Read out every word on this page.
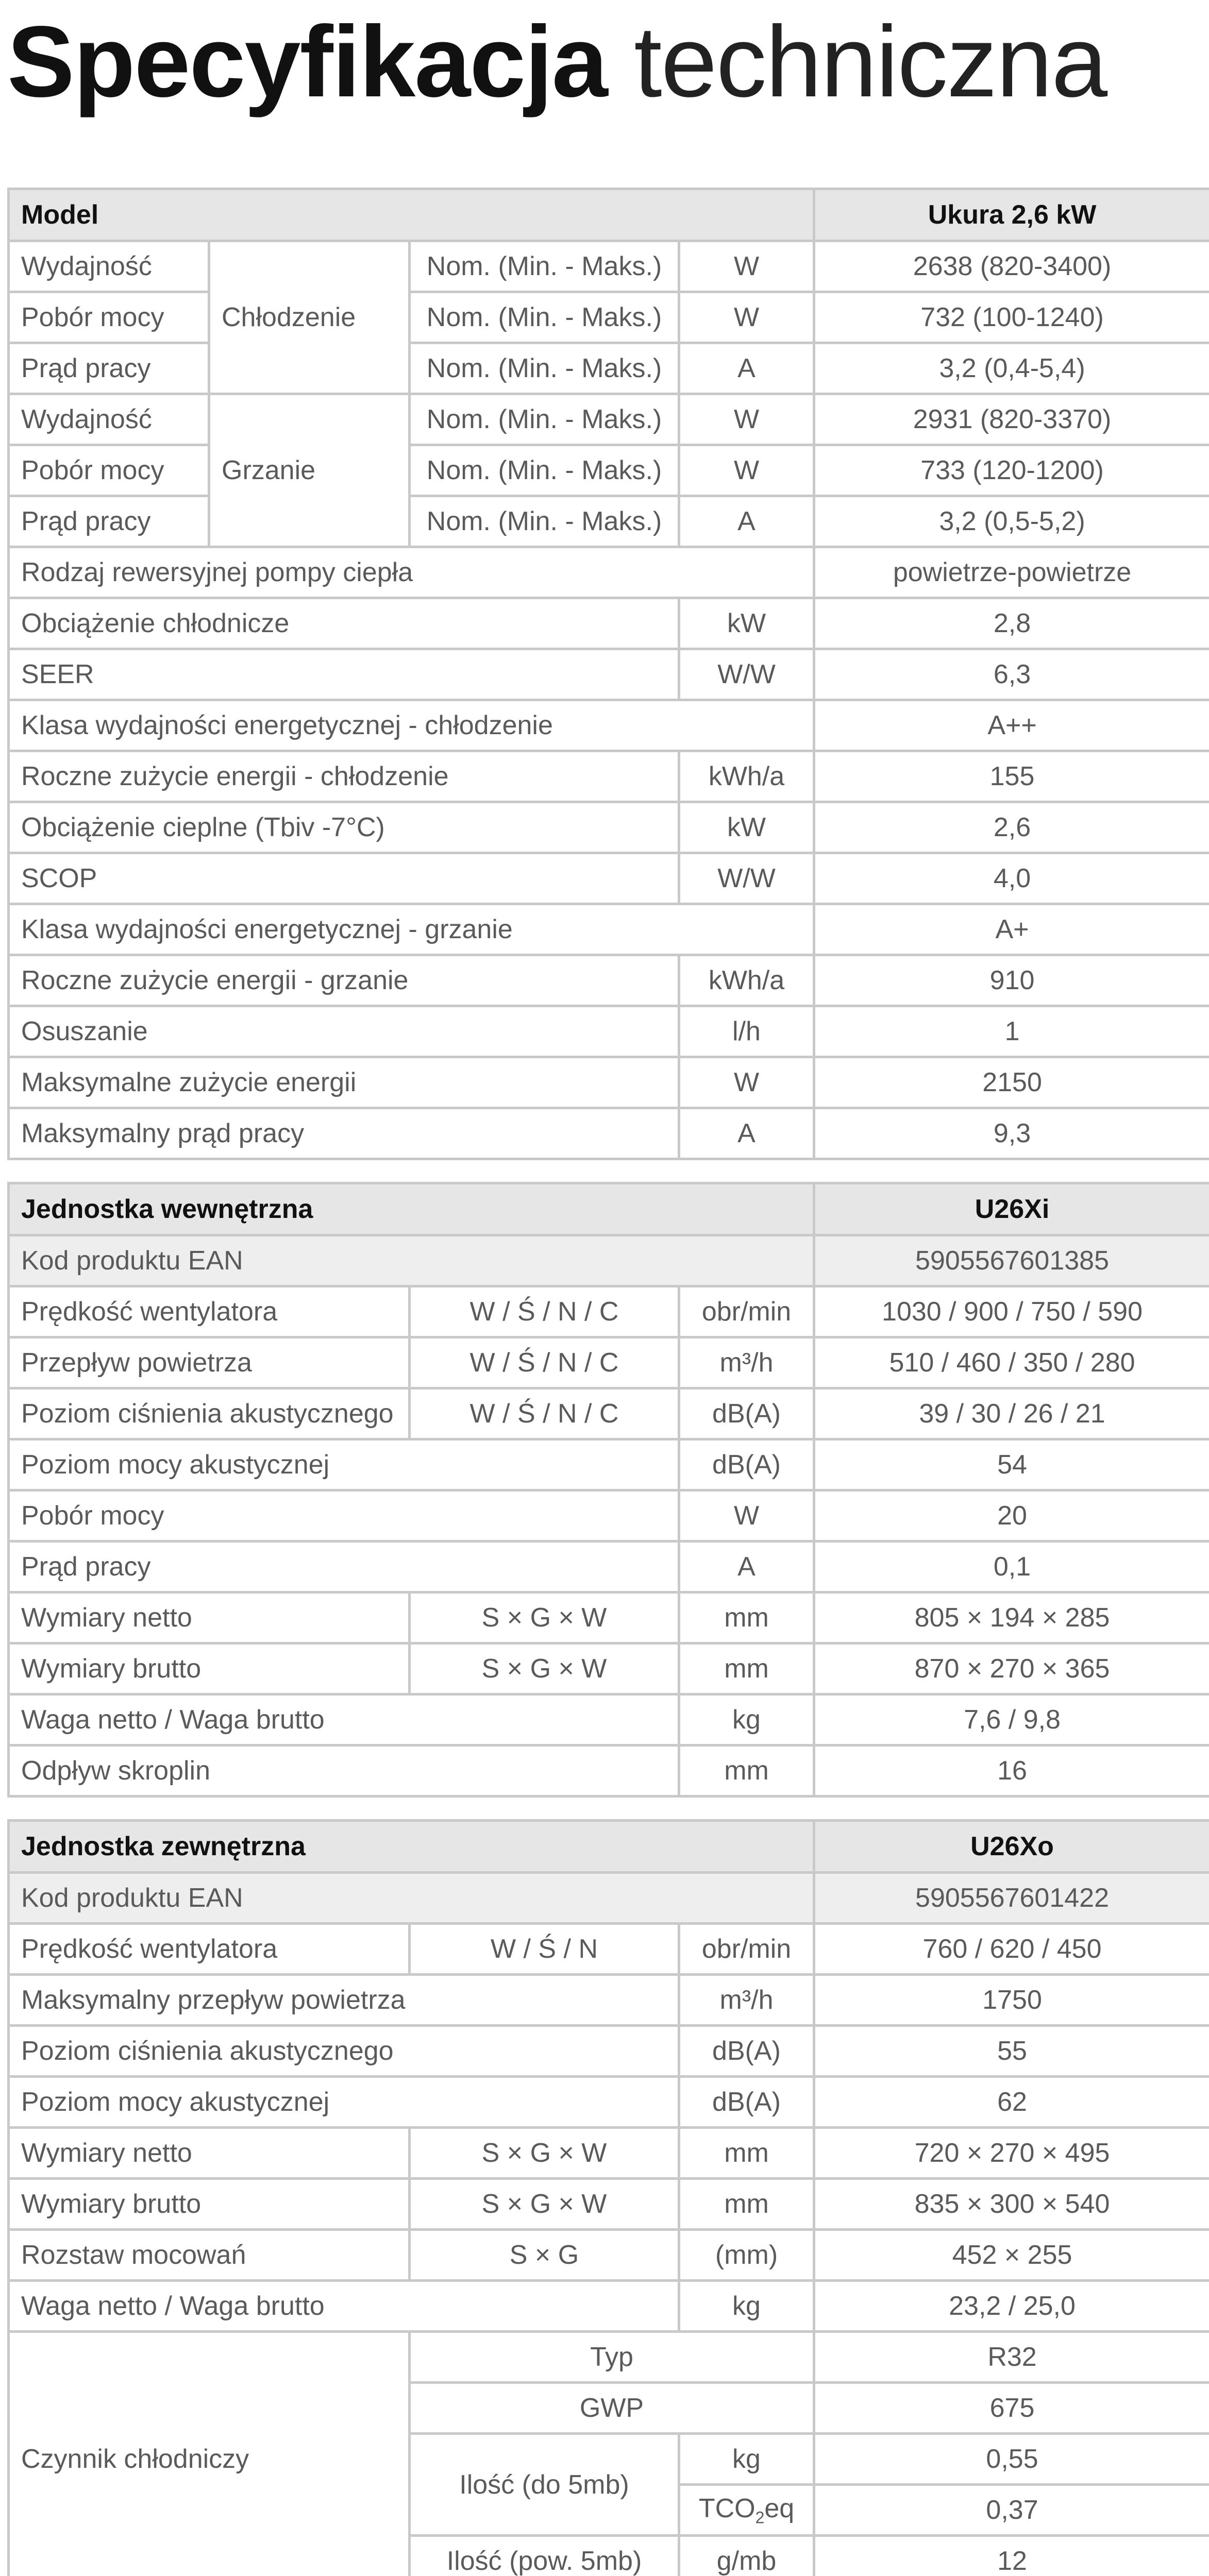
Specyfikacja techniczna
Model				Ukura 2,6 kW
Wydajność	Chłodzenie	Nom. (Min. - Maks.)	W	2638 (820-3400)
Pobór mocy		Nom. (Min. - Maks.)	W	732 (100-1240)
Prąd pracy		Nom. (Min. - Maks.)	A	3,2 (0,4-5,4)
Wydajność	Grzanie	Nom. (Min. - Maks.)	W	2931 (820-3370)
Pobór mocy		Nom. (Min. - Maks.)	W	733 (120-1200)
Prąd pracy		Nom. (Min. - Maks.)	A	3,2 (0,5-5,2)
Rodzaj rewersyjnej pompy ciepła				powietrze-powietrze
Obciążenie chłodnicze			kW	2,8
SEER			W/W	6,3
Klasa wydajności energetycznej - chłodzenie				A++
Roczne zużycie energii - chłodzenie			kWh/a	155
Obciążenie cieplne (Tbiv -7°C)			kW	2,6
SCOP			W/W	4,0
Klasa wydajności energetycznej - grzanie				A+
Roczne zużycie energii - grzanie			kWh/a	910
Osuszanie			l/h	1
Maksymalne zużycie energii			W	2150
Maksymalny prąd pracy			A	9,3

Jednostka wewnętrzna				U26Xi
Kod produktu EAN				5905567601385
Prędkość wentylatora		W / Ś / N / C	obr/min	1030 / 900 / 750 / 590
Przepływ powietrza		W / Ś / N / C	m³/h	510 / 460 / 350 / 280
Poziom ciśnienia akustycznego		W / Ś / N / C	dB(A)	39 / 30 / 26 / 21
Poziom mocy akustycznej			dB(A)	54
Pobór mocy			W	20
Prąd pracy			A	0,1
Wymiary netto		S × G × W	mm	805 × 194 × 285
Wymiary brutto		S × G × W	mm	870 × 270 × 365
Waga netto / Waga brutto			kg	7,6 / 9,8
Odpływ skroplin			mm	16

Jednostka zewnętrzna				U26Xo
Kod produktu EAN				5905567601422
Prędkość wentylatora		W / Ś / N	obr/min	760 / 620 / 450
Maksymalny przepływ powietrza			m³/h	1750
Poziom ciśnienia akustycznego			dB(A)	55
Poziom mocy akustycznej			dB(A)	62
Wymiary netto		S × G × W	mm	720 × 270 × 495
Wymiary brutto		S × G × W	mm	835 × 300 × 540
Rozstaw mocowań		S × G	(mm)	452 × 255
Waga netto / Waga brutto			kg	23,2 / 25,0
Czynnik chłodniczy		Typ		R32
		GWP		675
		Ilość (do 5mb)	kg	0,55
			$TCO_2eq$	0,37
		Ilość (pow. 5mb)	g/mb	12
